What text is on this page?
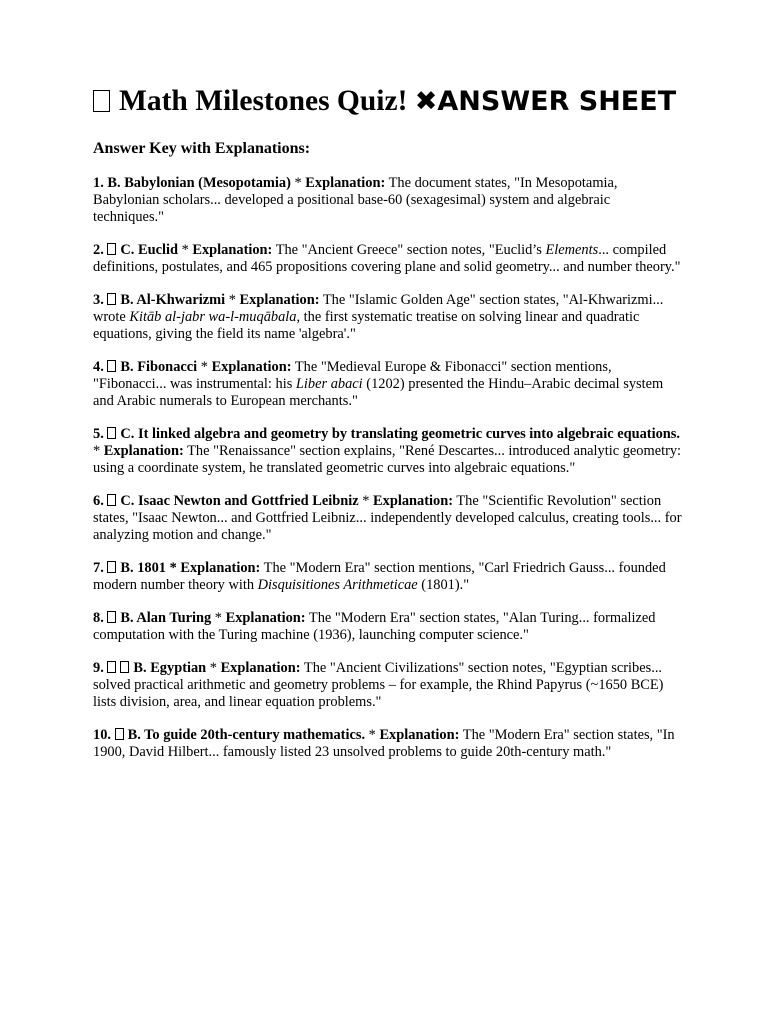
Math Milestones Quiz! ✖ANSWER SHEET
Answer Key with Explanations:

1. B. Babylonian (Mesopotamia) * Explanation: The document states, "In Mesopotamia, Babylonian scholars... developed a positional base-60 (sexagesimal) system and algebraic techniques."

2. C. Euclid * Explanation: The "Ancient Greece" section notes, "Euclid’s Elements... compiled definitions, postulates, and 465 propositions covering plane and solid geometry... and number theory."

3. B. Al-Khwarizmi * Explanation: The "Islamic Golden Age" section states, "Al-Khwarizmi... wrote Kitāb al-jabr wa-l-muqābala, the first systematic treatise on solving linear and quadratic equations, giving the field its name 'algebra'."

4. B. Fibonacci * Explanation: The "Medieval Europe & Fibonacci" section mentions, "Fibonacci... was instrumental: his Liber abaci (1202) presented the Hindu–Arabic decimal system and Arabic numerals to European merchants."

5. C. It linked algebra and geometry by translating geometric curves into algebraic equations. * Explanation: The "Renaissance" section explains, "René Descartes... introduced analytic geometry: using a coordinate system, he translated geometric curves into algebraic equations."

6. C. Isaac Newton and Gottfried Leibniz * Explanation: The "Scientific Revolution" section states, "Isaac Newton... and Gottfried Leibniz... independently developed calculus, creating tools... for analyzing motion and change."

7. B. 1801 * Explanation: The "Modern Era" section mentions, "Carl Friedrich Gauss... founded modern number theory with Disquisitiones Arithmeticae (1801)."

8. B. Alan Turing * Explanation: The "Modern Era" section states, "Alan Turing... formalized computation with the Turing machine (1936), launching computer science."

9. B. Egyptian * Explanation: The "Ancient Civilizations" section notes, "Egyptian scribes... solved practical arithmetic and geometry problems – for example, the Rhind Papyrus (~1650 BCE) lists division, area, and linear equation problems."

10. B. To guide 20th-century mathematics. * Explanation: The "Modern Era" section states, "In 1900, David Hilbert... famously listed 23 unsolved problems to guide 20th-century math."
